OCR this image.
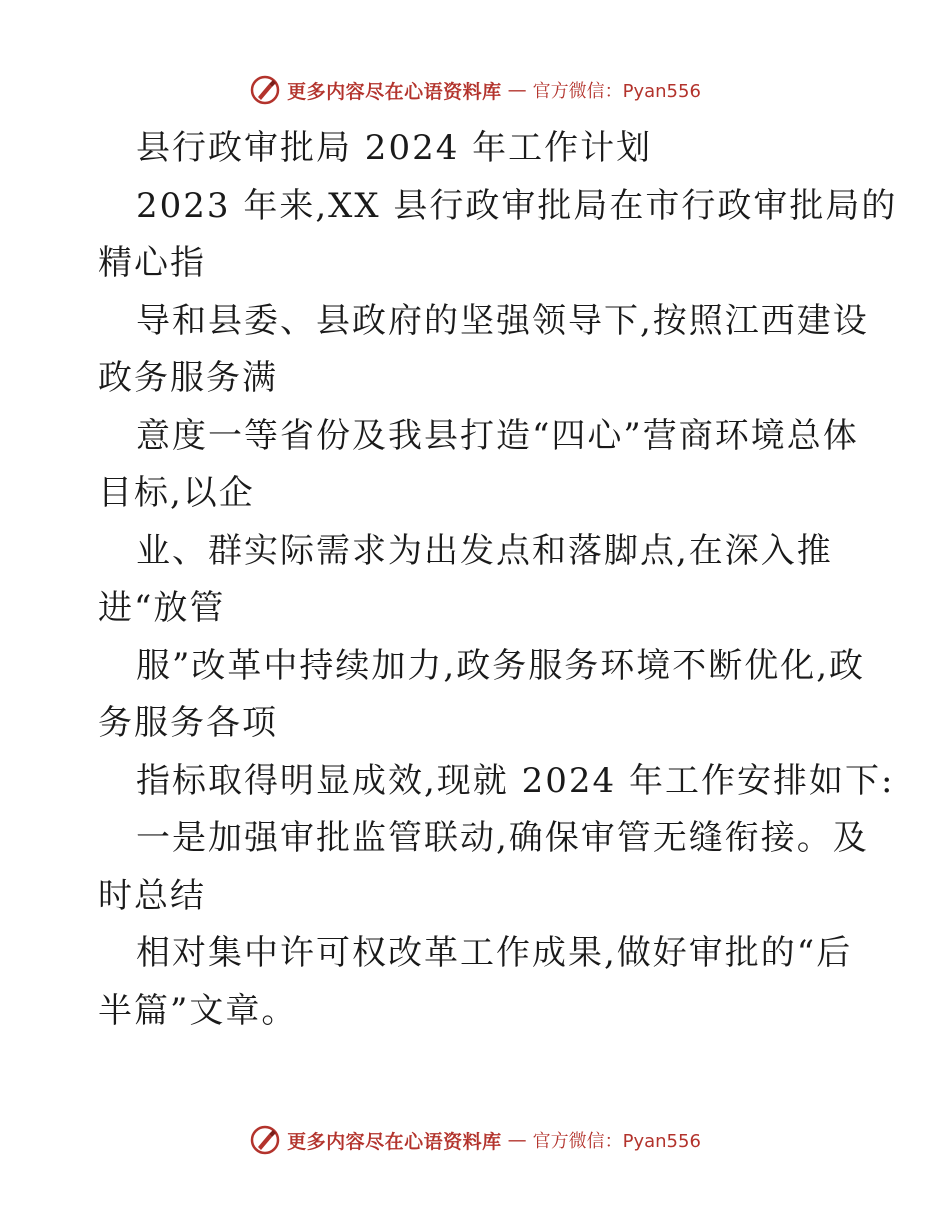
更多内容尽在心语资料库 — 官方微信：Pyan556
县行政审批局 2024 年工作计划
2023 年来,XX 县行政审批局在市行政审批局的
精心指
导和县委、县政府的坚强领导下,按照江西建设
政务服务满
意度一等省份及我县打造“四心”营商环境总体
目标,以企
业、群实际需求为出发点和落脚点,在深入推
进“放管
服”改革中持续加力,政务服务环境不断优化,政
务服务各项
指标取得明显成效,现就 2024 年工作安排如下:
一是加强审批监管联动,确保审管无缝衔接。及
时总结
相对集中许可权改革工作成果,做好审批的“后
半篇”文章。
更多内容尽在心语资料库 — 官方微信：Pyan556
